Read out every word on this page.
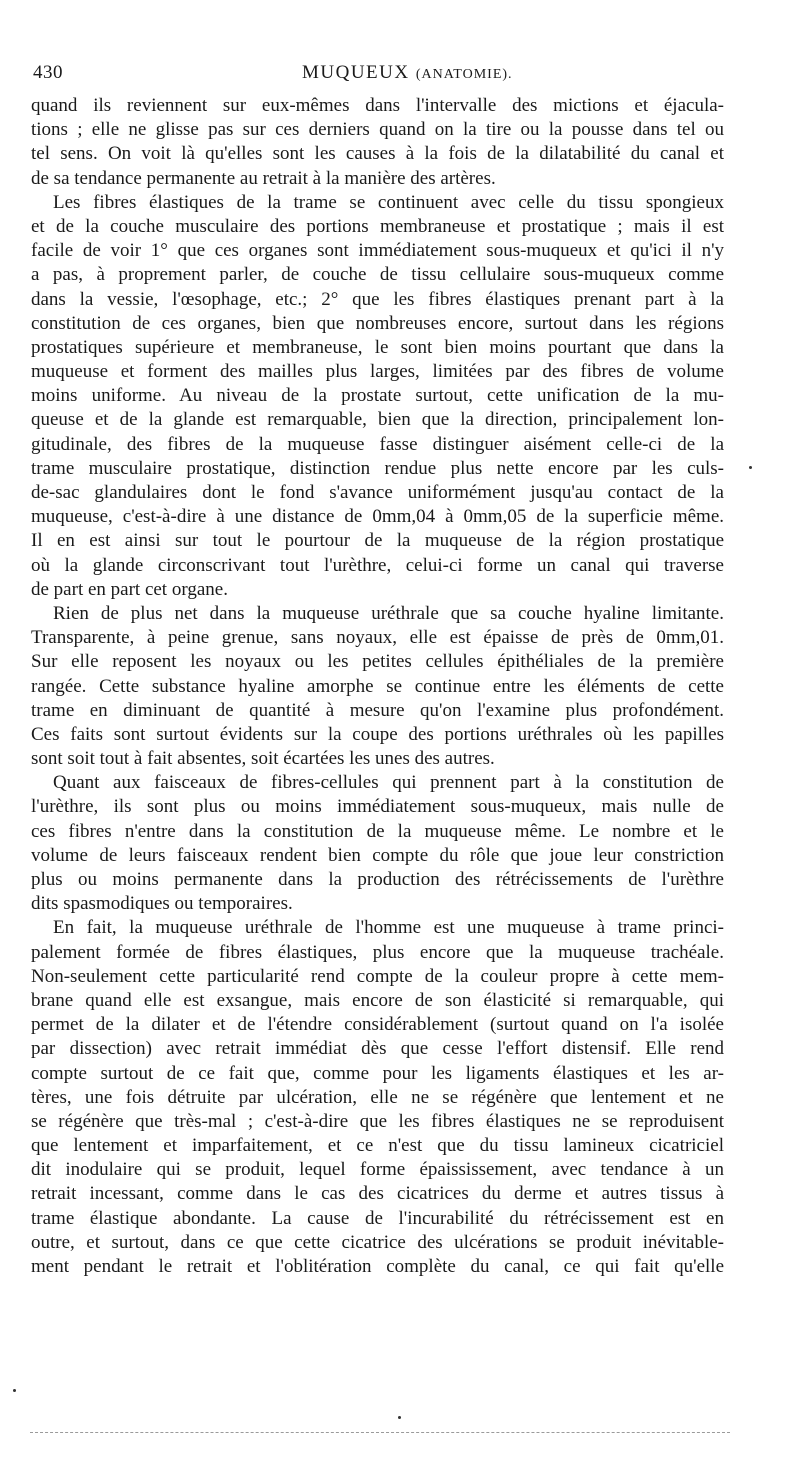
430	MUQUEUX (ANATOMIE).
quand ils reviennent sur eux-mêmes dans l'intervalle des mictions et éjacula-
tions ; elle ne glisse pas sur ces derniers quand on la tire ou la pousse dans tel ou
tel sens. On voit là qu'elles sont les causes à la fois de la dilatabilité du canal et
de sa tendance permanente au retrait à la manière des artères.
Les fibres élastiques de la trame se continuent avec celle du tissu spongieux
et de la couche musculaire des portions membraneuse et prostatique ; mais il est
facile de voir 1° que ces organes sont immédiatement sous-muqueux et qu'ici il n'y
a pas, à proprement parler, de couche de tissu cellulaire sous-muqueux comme
dans la vessie, l'œsophage, etc.; 2° que les fibres élastiques prenant part à la
constitution de ces organes, bien que nombreuses encore, surtout dans les régions
prostatiques supérieure et membraneuse, le sont bien moins pourtant que dans la
muqueuse et forment des mailles plus larges, limitées par des fibres de volume
moins uniforme. Au niveau de la prostate surtout, cette unification de la mu-
queuse et de la glande est remarquable, bien que la direction, principalement lon-
gitudinale, des fibres de la muqueuse fasse distinguer aisément celle-ci de la
trame musculaire prostatique, distinction rendue plus nette encore par les culs-
de-sac glandulaires dont le fond s'avance uniformément jusqu'au contact de la
muqueuse, c'est-à-dire à une distance de 0mm,04 à 0mm,05 de la superficie même.
Il en est ainsi sur tout le pourtour de la muqueuse de la région prostatique
où la glande circonscrivant tout l'urèthre, celui-ci forme un canal qui traverse
de part en part cet organe.
Rien de plus net dans la muqueuse uréthrale que sa couche hyaline limitante.
Transparente, à peine grenue, sans noyaux, elle est épaisse de près de 0mm,01.
Sur elle reposent les noyaux ou les petites cellules épithéliales de la première
rangée. Cette substance hyaline amorphe se continue entre les éléments de cette
trame en diminuant de quantité à mesure qu'on l'examine plus profondément.
Ces faits sont surtout évidents sur la coupe des portions uréthrales où les papilles
sont soit tout à fait absentes, soit écartées les unes des autres.
Quant aux faisceaux de fibres-cellules qui prennent part à la constitution de
l'urèthre, ils sont plus ou moins immédiatement sous-muqueux, mais nulle de
ces fibres n'entre dans la constitution de la muqueuse même. Le nombre et le
volume de leurs faisceaux rendent bien compte du rôle que joue leur constriction
plus ou moins permanente dans la production des rétrécissements de l'urèthre
dits spasmodiques ou temporaires.
En fait, la muqueuse uréthrale de l'homme est une muqueuse à trame princi-
palement formée de fibres élastiques, plus encore que la muqueuse trachéale.
Non-seulement cette particularité rend compte de la couleur propre à cette mem-
brane quand elle est exsangue, mais encore de son élasticité si remarquable, qui
permet de la dilater et de l'étendre considérablement (surtout quand on l'a isolée
par dissection) avec retrait immédiat dès que cesse l'effort distensif. Elle rend
compte surtout de ce fait que, comme pour les ligaments élastiques et les ar-
tères, une fois détruite par ulcération, elle ne se régénère que lentement et ne
se régénère que très-mal ; c'est-à-dire que les fibres élastiques ne se reproduisent
que lentement et imparfaitement, et ce n'est que du tissu lamineux cicatriciel
dit inodulaire qui se produit, lequel forme épaississement, avec tendance à un
retrait incessant, comme dans le cas des cicatrices du derme et autres tissus à
trame élastique abondante. La cause de l'incurabilité du rétrécissement est en
outre, et surtout, dans ce que cette cicatrice des ulcérations se produit inévitable-
ment pendant le retrait et l'oblitération complète du canal, ce qui fait qu'elle
